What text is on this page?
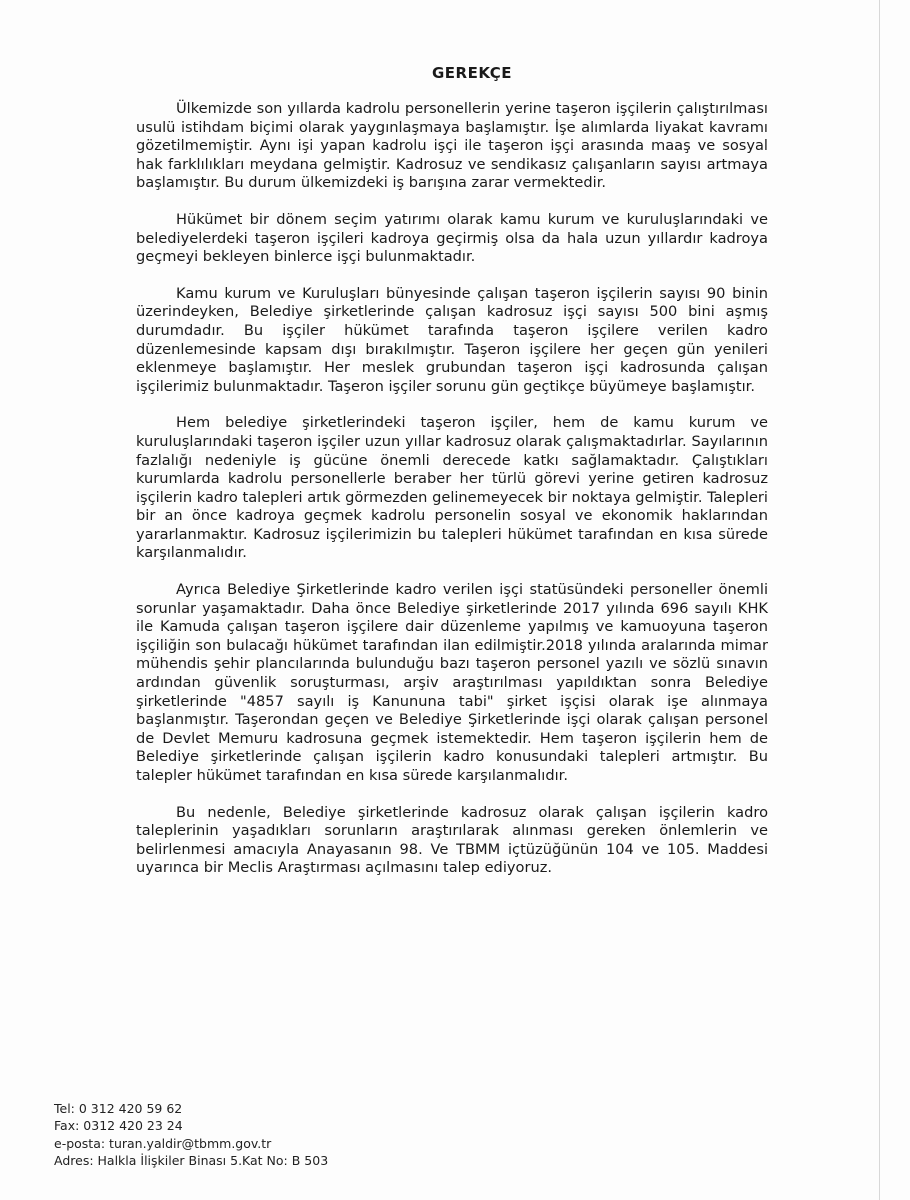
GEREKÇE

Ülkemizde son yıllarda kadrolu personellerin yerine taşeron işçilerin çalıştırılması usulü istihdam biçimi olarak yaygınlaşmaya başlamıştır. İşe alımlarda liyakat kavramı gözetilmemiştir. Aynı işi yapan kadrolu işçi ile taşeron işçi arasında maaş ve sosyal hak farklılıkları meydana gelmiştir. Kadrosuz ve sendikasız çalışanların sayısı artmaya başlamıştır. Bu durum ülkemizdeki iş barışına zarar vermektedir.

Hükümet bir dönem seçim yatırımı olarak kamu kurum ve kuruluşlarındaki ve belediyelerdeki taşeron işçileri kadroya geçirmiş olsa da hala uzun yıllardır kadroya geçmeyi bekleyen binlerce işçi bulunmaktadır.

Kamu kurum ve Kuruluşları bünyesinde çalışan taşeron işçilerin sayısı 90 binin üzerindeyken, Belediye şirketlerinde çalışan kadrosuz işçi sayısı 500 bini aşmış durumdadır. Bu işçiler hükümet tarafında taşeron işçilere verilen kadro düzenlemesinde kapsam dışı bırakılmıştır. Taşeron işçilere her geçen gün yenileri eklenmeye başlamıştır. Her meslek grubundan taşeron işçi kadrosunda çalışan işçilerimiz bulunmaktadır. Taşeron işçiler sorunu gün geçtikçe büyümeye başlamıştır.

Hem belediye şirketlerindeki taşeron işçiler, hem de kamu kurum ve kuruluşlarındaki taşeron işçiler uzun yıllar kadrosuz olarak çalışmaktadırlar. Sayılarının fazlalığı nedeniyle iş gücüne önemli derecede katkı sağlamaktadır. Çalıştıkları kurumlarda kadrolu personellerle beraber her türlü görevi yerine getiren kadrosuz işçilerin kadro talepleri artık görmezden gelinemeyecek bir noktaya gelmiştir. Talepleri bir an önce kadroya geçmek kadrolu personelin sosyal ve ekonomik haklarından yararlanmaktır. Kadrosuz işçilerimizin bu talepleri hükümet tarafından en kısa sürede karşılanmalıdır.

Ayrıca Belediye Şirketlerinde kadro verilen işçi statüsündeki personeller önemli sorunlar yaşamaktadır. Daha önce Belediye şirketlerinde 2017 yılında 696 sayılı KHK ile Kamuda çalışan taşeron işçilere dair düzenleme yapılmış ve kamuoyuna taşeron işçiliğin son bulacağı hükümet tarafından ilan edilmiştir.2018 yılında aralarında mimar mühendis şehir plancılarında bulunduğu bazı taşeron personel yazılı ve sözlü sınavın ardından güvenlik soruşturması, arşiv araştırılması yapıldıktan sonra Belediye şirketlerinde "4857 sayılı iş Kanununa tabi" şirket işçisi olarak işe alınmaya başlanmıştır. Taşerondan geçen ve Belediye Şirketlerinde işçi olarak çalışan personel de Devlet Memuru kadrosuna geçmek istemektedir. Hem taşeron işçilerin hem de Belediye şirketlerinde çalışan işçilerin kadro konusundaki talepleri artmıştır. Bu talepler hükümet tarafından en kısa sürede karşılanmalıdır.

Bu nedenle, Belediye şirketlerinde kadrosuz olarak çalışan işçilerin kadro taleplerinin yaşadıkları sorunların araştırılarak alınması gereken önlemlerin ve belirlenmesi amacıyla Anayasanın 98. Ve TBMM içtüzüğünün 104 ve 105. Maddesi uyarınca bir Meclis Araştırması açılmasını talep ediyoruz.

Tel: 0 312 420 59 62
Fax: 0312 420 23 24
e-posta: turan.yaldir@tbmm.gov.tr
Adres: Halkla İlişkiler Binası 5.Kat No: B 503
